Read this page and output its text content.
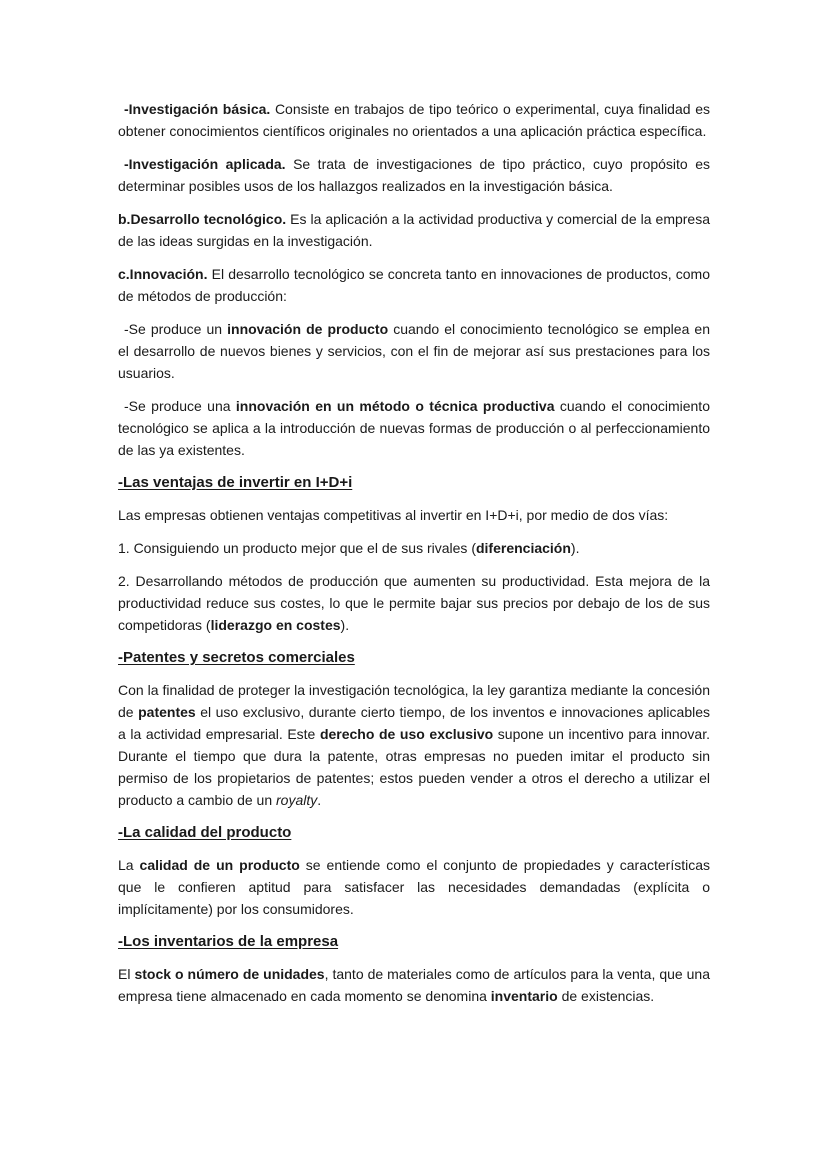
-Investigación básica. Consiste en trabajos de tipo teórico o experimental, cuya finalidad es obtener conocimientos científicos originales no orientados a una aplicación práctica específica.

-Investigación aplicada. Se trata de investigaciones de tipo práctico, cuyo propósito es determinar posibles usos de los hallazgos realizados en la investigación básica.

b.Desarrollo tecnológico. Es la aplicación a la actividad productiva y comercial de la empresa de las ideas surgidas en la investigación.

c.Innovación. El desarrollo tecnológico se concreta tanto en innovaciones de productos, como de métodos de producción:

-Se produce un innovación de producto cuando el conocimiento tecnológico se emplea en el desarrollo de nuevos bienes y servicios, con el fin de mejorar así sus prestaciones para los usuarios.

-Se produce una innovación en un método o técnica productiva cuando el conocimiento tecnológico se aplica a la introducción de nuevas formas de producción o al perfeccionamiento de las ya existentes.

-Las ventajas de invertir en I+D+i

Las empresas obtienen ventajas competitivas al invertir en I+D+i, por medio de dos vías:

1. Consiguiendo un producto mejor que el de sus rivales (diferenciación).

2. Desarrollando métodos de producción que aumenten su productividad. Esta mejora de la productividad reduce sus costes, lo que le permite bajar sus precios por debajo de los de sus competidoras (liderazgo en costes).

-Patentes y secretos comerciales

Con la finalidad de proteger la investigación tecnológica, la ley garantiza mediante la concesión de patentes el uso exclusivo, durante cierto tiempo, de los inventos e innovaciones aplicables a la actividad empresarial. Este derecho de uso exclusivo supone un incentivo para innovar. Durante el tiempo que dura la patente, otras empresas no pueden imitar el producto sin permiso de los propietarios de patentes; estos pueden vender a otros el derecho a utilizar el producto a cambio de un royalty.

-La calidad del producto

La calidad de un producto se entiende como el conjunto de propiedades y características que le confieren aptitud para satisfacer las necesidades demandadas (explícita o implícitamente) por los consumidores.

-Los inventarios de la empresa

El stock o número de unidades, tanto de materiales como de artículos para la venta, que una empresa tiene almacenado en cada momento se denomina inventario de existencias.
